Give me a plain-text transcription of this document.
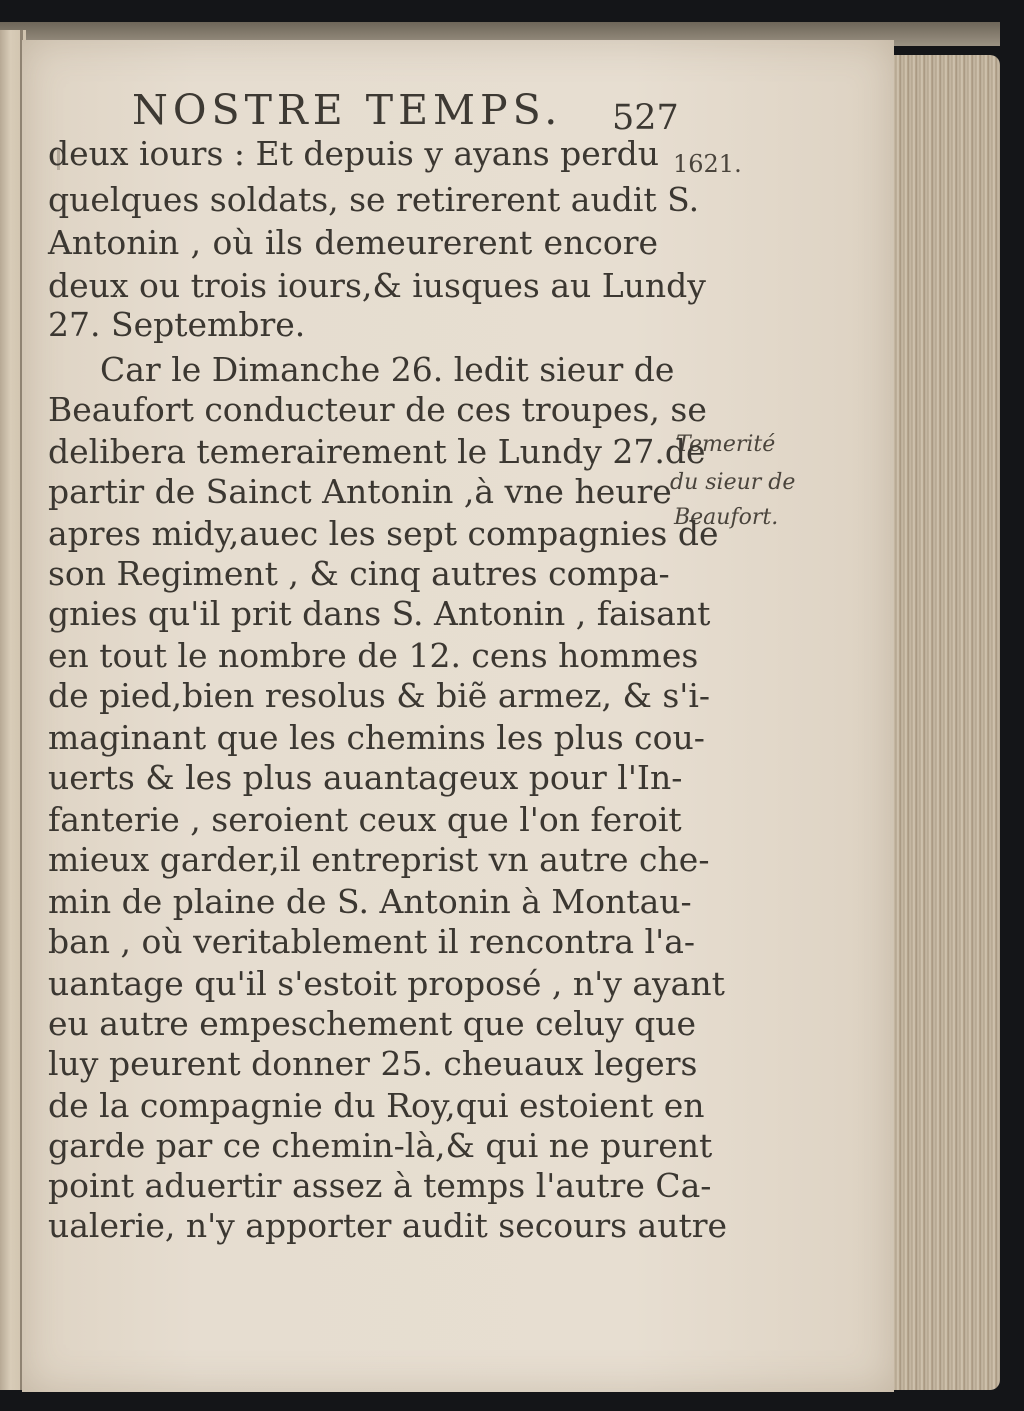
NOSTRE TEMPS. 527
1621.
Temerité
du sieur de
Beaufort.
deux iours : Et depuis y ayans perdu
quelques soldats, se retirerent audit S.
Antonin , où ils demeurerent encore
deux ou trois iours,& iusques au Lundy
27. Septembre.
Car le Dimanche 26. ledit sieur de
Beaufort conducteur de ces troupes, se
delibera temerairement le Lundy 27.de
partir de Sainct Antonin ,à vne heure
apres midy,auec les sept compagnies de
son Regiment , & cinq autres compa-
gnies qu'il prit dans S. Antonin , faisant
en tout le nombre de 12. cens hommes
de pied,bien resolus & biẽ armez, & s'i-
maginant que les chemins les plus cou-
uerts & les plus auantageux pour l'In-
fanterie , seroient ceux que l'on feroit
mieux garder,il entreprist vn autre che-
min de plaine de S. Antonin à Montau-
ban , où veritablement il rencontra l'a-
uantage qu'il s'estoit proposé , n'y ayant
eu autre empeschement que celuy que
luy peurent donner 25. cheuaux legers
de la compagnie du Roy,qui estoient en
garde par ce chemin-là,& qui ne purent
point aduertir assez à temps l'autre Ca-
ualerie, n'y apporter audit secours autre
